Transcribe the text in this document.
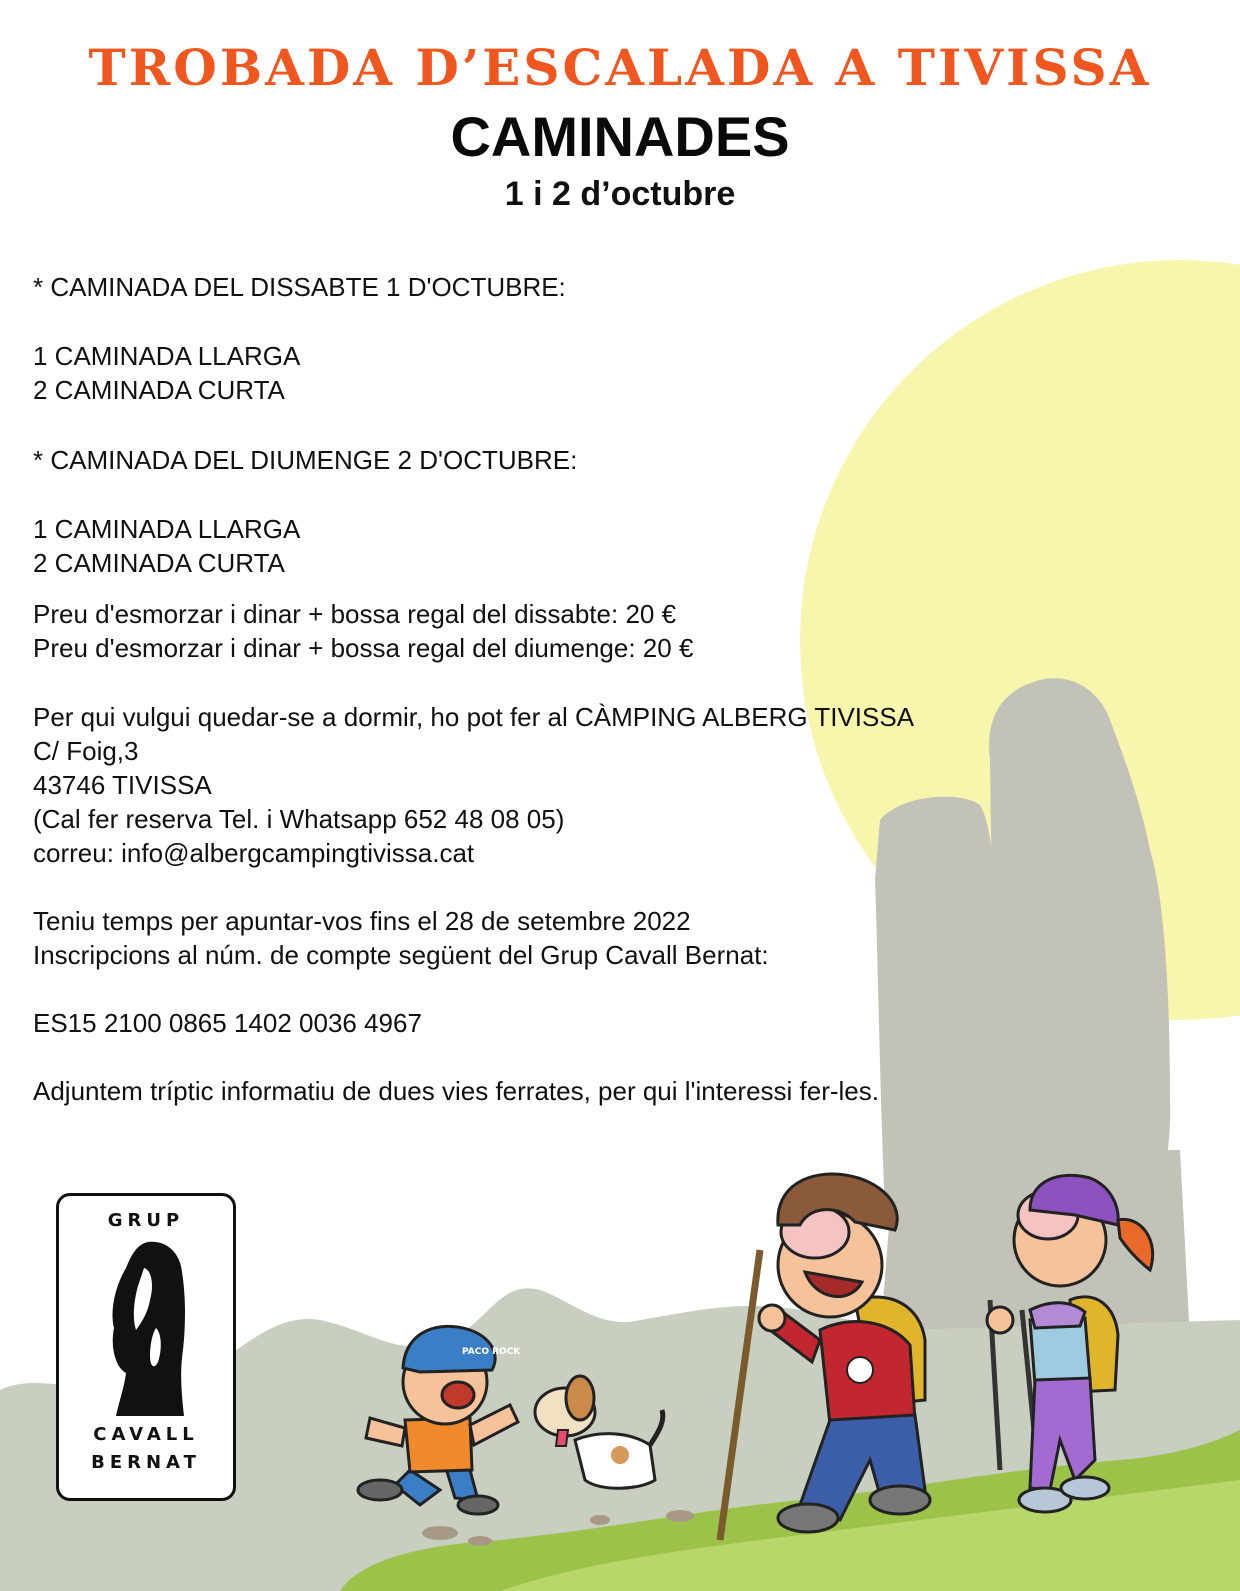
TROBADA D’ESCALADA A TIVISSA
CAMINADES
1 i 2 d’octubre
* CAMINADA DEL DISSABTE 1 D'OCTUBRE:
1 CAMINADA LLARGA
2 CAMINADA CURTA
* CAMINADA DEL DIUMENGE 2 D'OCTUBRE:
1 CAMINADA LLARGA
2 CAMINADA CURTA
Preu d'esmorzar i dinar + bossa regal del dissabte: 20 €
Preu d'esmorzar i dinar + bossa regal del diumenge: 20 €
Per qui vulgui quedar-se a dormir, ho pot fer al CÀMPING ALBERG TIVISSA
C/ Foig,3
43746 TIVISSA
(Cal fer reserva Tel. i Whatsapp 652 48 08 05)
correu: info@albergcampingtivissa.cat
Teniu temps per apuntar-vos fins el 28 de setembre 2022
Inscripcions al núm. de compte següent del Grup Cavall Bernat:
ES15 2100 0865 1402 0036 4967
Adjuntem tríptic informatiu de dues vies ferrates, per qui l'interessi fer-les.
GRUP
CAVALL
BERNAT
PACO ROCK
